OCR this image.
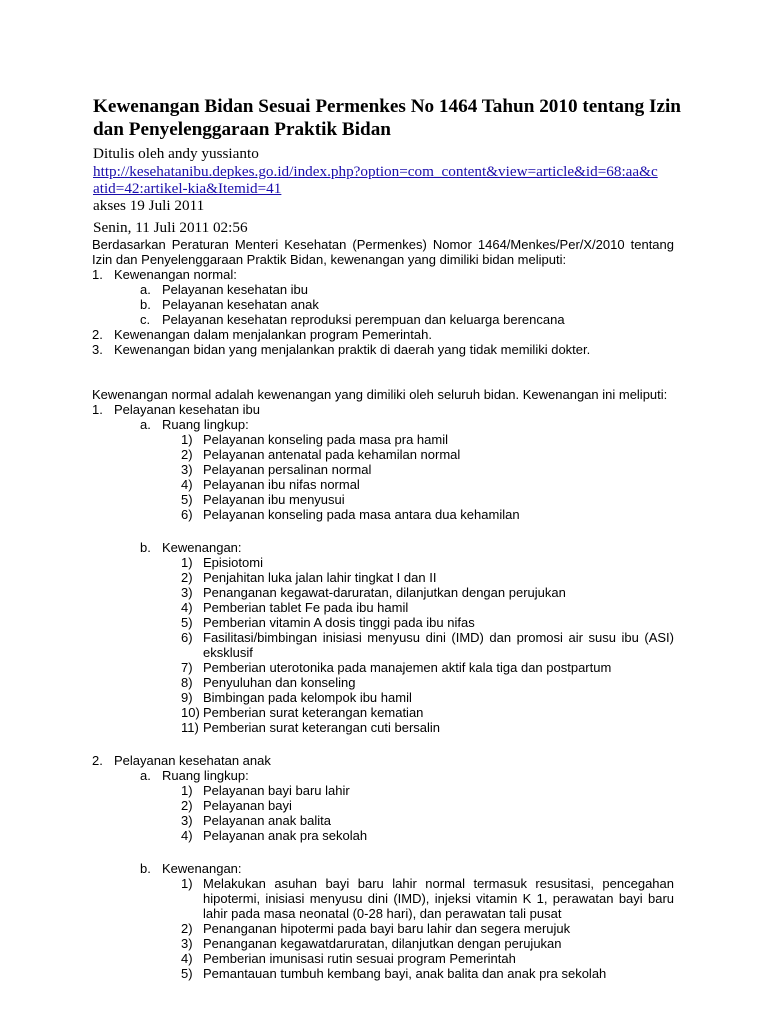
Kewenangan Bidan Sesuai Permenkes No 1464 Tahun 2010 tentang Izin dan Penyelenggaraan Praktik Bidan
Ditulis oleh andy yussianto
http://kesehatanibu.depkes.go.id/index.php?option=com_content&view=article&id=68:aa&c
atid=42:artikel-kia&Itemid=41
akses 19 Juli 2011
Senin, 11 Juli 2011 02:56

Berdasarkan Peraturan Menteri Kesehatan (Permenkes) Nomor 1464/Menkes/Per/X/2010 tentang Izin dan Penyelenggaraan Praktik Bidan, kewenangan yang dimiliki bidan meliputi:

1. Kewenangan normal:
a. Pelayanan kesehatan ibu
b. Pelayanan kesehatan anak
c. Pelayanan kesehatan reproduksi perempuan dan keluarga berencana
2. Kewenangan dalam menjalankan program Pemerintah.
3. Kewenangan bidan yang menjalankan praktik di daerah yang tidak memiliki dokter.

Kewenangan normal adalah kewenangan yang dimiliki oleh seluruh bidan. Kewenangan ini meliputi:

1. Pelayanan kesehatan ibu
a. Ruang lingkup:
1) Pelayanan konseling pada masa pra hamil
2) Pelayanan antenatal pada kehamilan normal
3) Pelayanan persalinan normal
4) Pelayanan ibu nifas normal
5) Pelayanan ibu menyusui
6) Pelayanan konseling pada masa antara dua kehamilan
b. Kewenangan:
1) Episiotomi
2) Penjahitan luka jalan lahir tingkat I dan II
3) Penanganan kegawat-daruratan, dilanjutkan dengan perujukan
4) Pemberian tablet Fe pada ibu hamil
5) Pemberian vitamin A dosis tinggi pada ibu nifas
6) Fasilitasi/bimbingan inisiasi menyusu dini (IMD) dan promosi air susu ibu (ASI) eksklusif
7) Pemberian uterotonika pada manajemen aktif kala tiga dan postpartum
8) Penyuluhan dan konseling
9) Bimbingan pada kelompok ibu hamil
10) Pemberian surat keterangan kematian
11) Pemberian surat keterangan cuti bersalin
2. Pelayanan kesehatan anak
a. Ruang lingkup:
1) Pelayanan bayi baru lahir
2) Pelayanan bayi
3) Pelayanan anak balita
4) Pelayanan anak pra sekolah
b. Kewenangan:
1) Melakukan asuhan bayi baru lahir normal termasuk resusitasi, pencegahan hipotermi, inisiasi menyusu dini (IMD), injeksi vitamin K 1, perawatan bayi baru lahir pada masa neonatal (0-28 hari), dan perawatan tali pusat
2) Penanganan hipotermi pada bayi baru lahir dan segera merujuk
3) Penanganan kegawatdaruratan, dilanjutkan dengan perujukan
4) Pemberian imunisasi rutin sesuai program Pemerintah
5) Pemantauan tumbuh kembang bayi, anak balita dan anak pra sekolah
